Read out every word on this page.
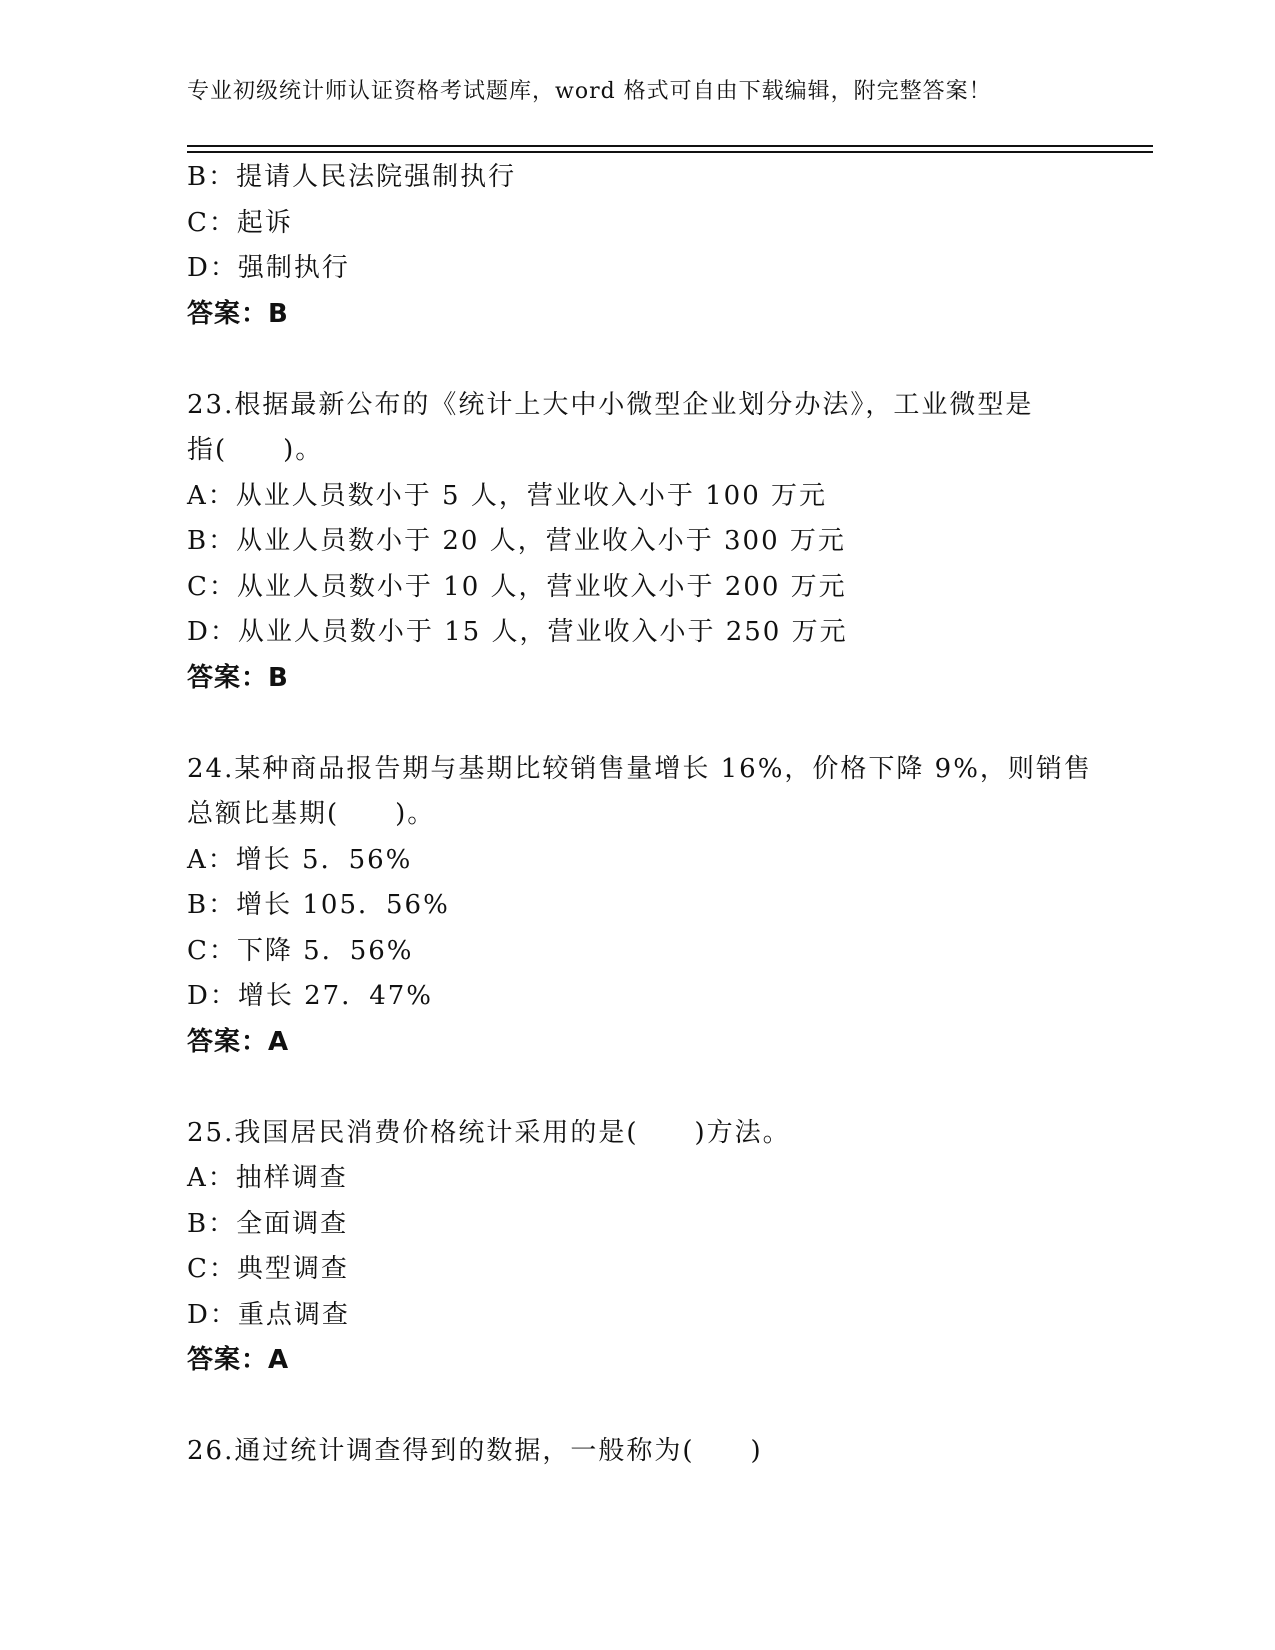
专业初级统计师认证资格考试题库，word 格式可自由下载编辑，附完整答案！
B：提请人民法院强制执行
C：起诉
D：强制执行
答案：B
23.根据最新公布的《统计上大中小微型企业划分办法》，工业微型是
指(　　)。
A：从业人员数小于 5 人，营业收入小于 100 万元
B：从业人员数小于 20 人，营业收入小于 300 万元
C：从业人员数小于 10 人，营业收入小于 200 万元
D：从业人员数小于 15 人，营业收入小于 250 万元
答案：B
24.某种商品报告期与基期比较销售量增长 16%，价格下降 9%，则销售
总额比基期(　　)。
A：增长 5．56%
B：增长 105．56%
C：下降 5．56%
D：增长 27．47%
答案：A
25.我国居民消费价格统计采用的是(　　)方法。
A：抽样调查
B：全面调查
C：典型调查
D：重点调查
答案：A
26.通过统计调查得到的数据，一般称为(　　)
